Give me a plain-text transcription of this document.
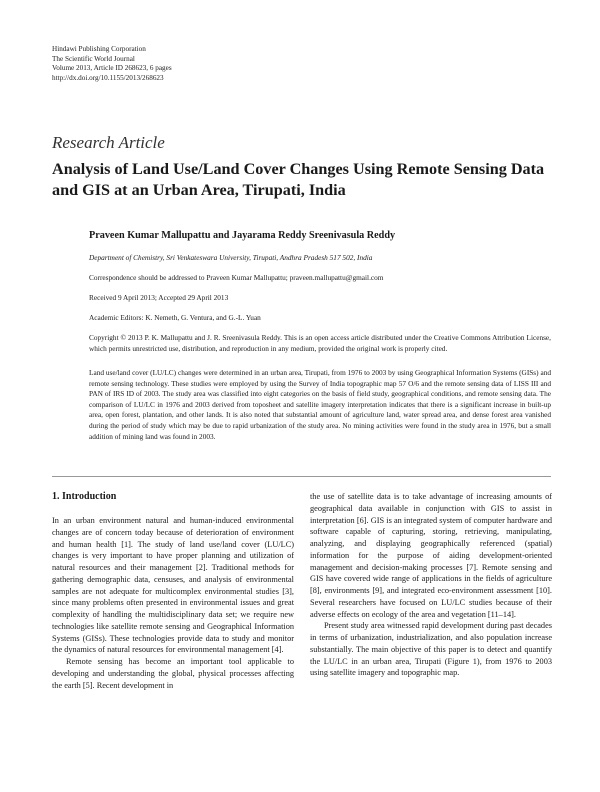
Hindawi Publishing Corporation
The Scientific World Journal
Volume 2013, Article ID 268623, 6 pages
http://dx.doi.org/10.1155/2013/268623
Research Article
Analysis of Land Use/Land Cover Changes Using Remote Sensing Data and GIS at an Urban Area, Tirupati, India
Praveen Kumar Mallupattu and Jayarama Reddy Sreenivasula Reddy
Department of Chemistry, Sri Venkateswara University, Tirupati, Andhra Pradesh 517 502, India
Correspondence should be addressed to Praveen Kumar Mallupattu; praveen.mallupattu@gmail.com
Received 9 April 2013; Accepted 29 April 2013
Academic Editors: K. Nemeth, G. Ventura, and G.-L. Yuan
Copyright © 2013 P. K. Mallupattu and J. R. Sreenivasula Reddy. This is an open access article distributed under the Creative Commons Attribution License, which permits unrestricted use, distribution, and reproduction in any medium, provided the original work is properly cited.
Land use/land cover (LU/LC) changes were determined in an urban area, Tirupati, from 1976 to 2003 by using Geographical Information Systems (GISs) and remote sensing technology. These studies were employed by using the Survey of India topographic map 57 O/6 and the remote sensing data of LISS III and PAN of IRS ID of 2003. The study area was classified into eight categories on the basis of field study, geographical conditions, and remote sensing data. The comparison of LU/LC in 1976 and 2003 derived from toposheet and satellite imagery interpretation indicates that there is a significant increase in built-up area, open forest, plantation, and other lands. It is also noted that substantial amount of agriculture land, water spread area, and dense forest area vanished during the period of study which may be due to rapid urbanization of the study area. No mining activities were found in the study area in 1976, but a small addition of mining land was found in 2003.
1. Introduction

In an urban environment natural and human-induced environmental changes are of concern today because of deterioration of environment and human health [1]. The study of land use/land cover (LU/LC) changes is very important to have proper planning and utilization of natural resources and their management [2]. Traditional methods for gathering demographic data, censuses, and analysis of environmental samples are not adequate for multicomplex environmental studies [3], since many problems often presented in environmental issues and great complexity of handling the multidisciplinary data set; we require new technologies like satellite remote sensing and Geographical Information Systems (GISs). These technologies provide data to study and monitor the dynamics of natural resources for environmental management [4].

Remote sensing has become an important tool applicable to developing and understanding the global, physical processes affecting the earth [5]. Recent development in

the use of satellite data is to take advantage of increasing amounts of geographical data available in conjunction with GIS to assist in interpretation [6]. GIS is an integrated system of computer hardware and software capable of capturing, storing, retrieving, manipulating, analyzing, and displaying geographically referenced (spatial) information for the purpose of aiding development-oriented management and decision-making processes [7]. Remote sensing and GIS have covered wide range of applications in the fields of agriculture [8], environments [9], and integrated eco-environment assessment [10]. Several researchers have focused on LU/LC studies because of their adverse effects on ecology of the area and vegetation [11–14].

Present study area witnessed rapid development during past decades in terms of urbanization, industrialization, and also population increase substantially. The main objective of this paper is to detect and quantify the LU/LC in an urban area, Tirupati (Figure 1), from 1976 to 2003 using satellite imagery and topographic map.
